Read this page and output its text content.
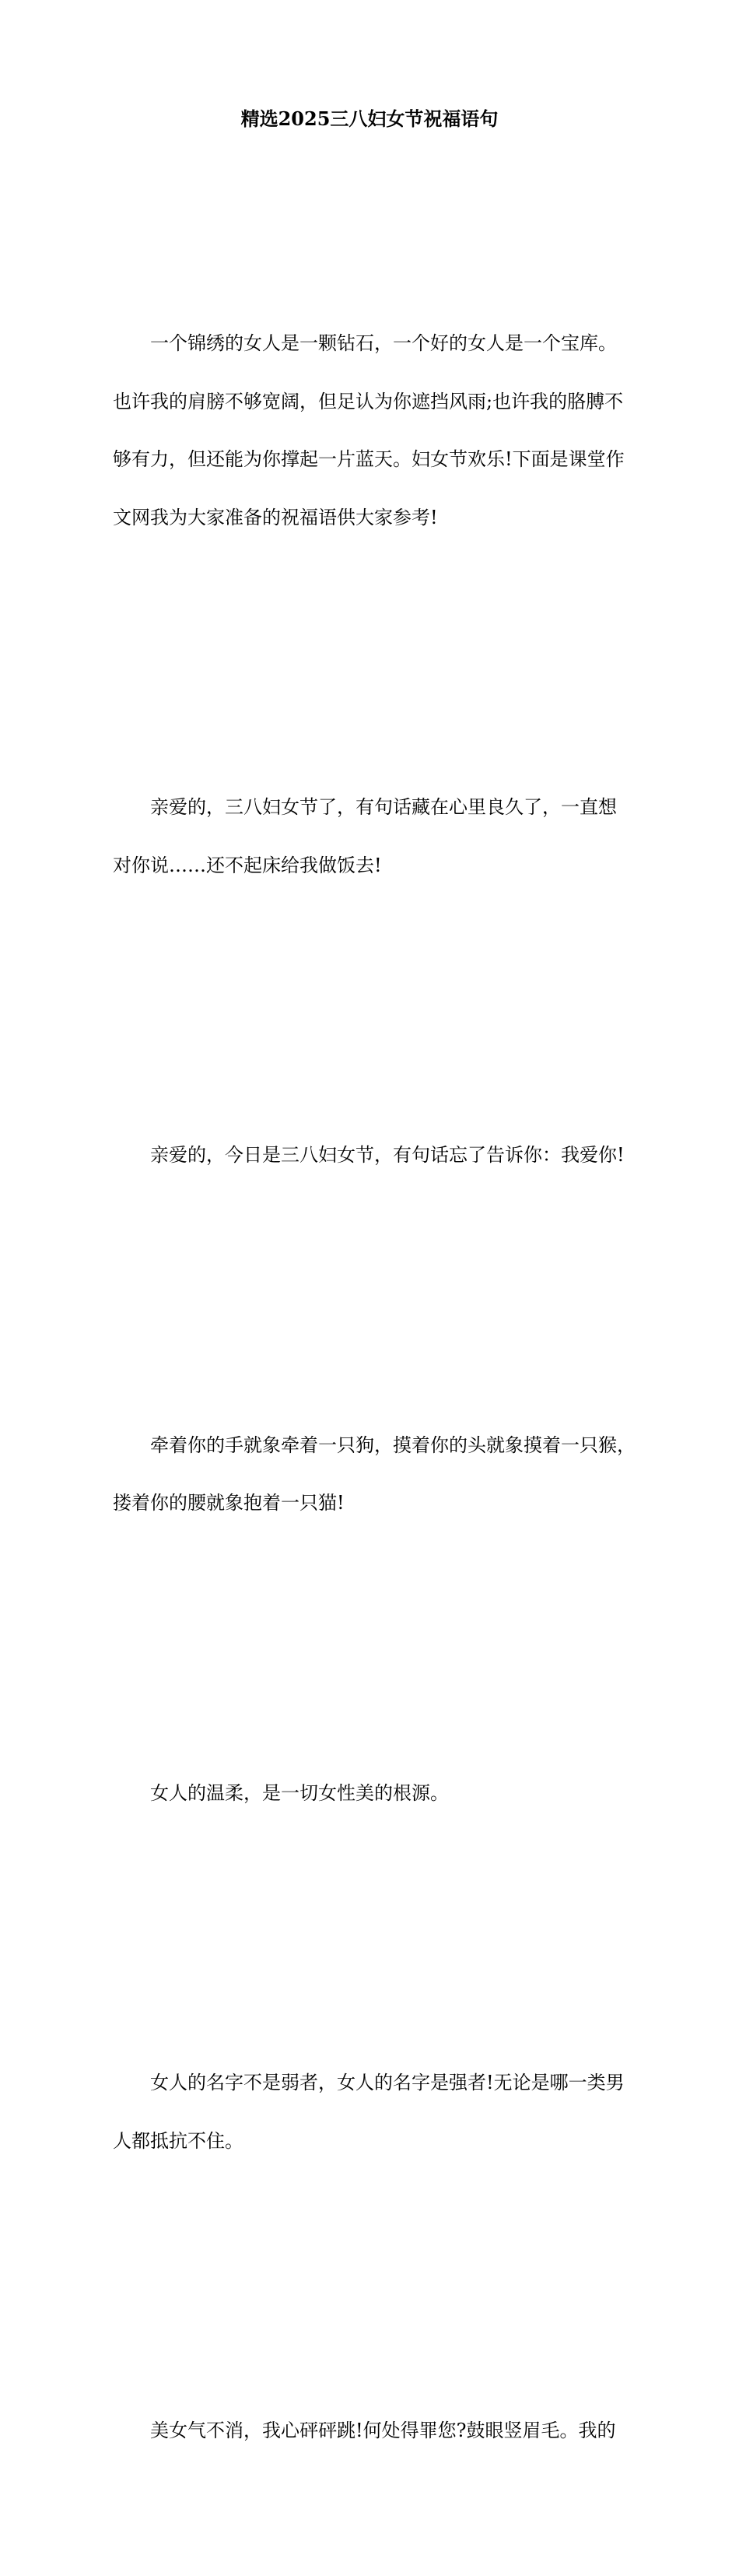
精选2025三八妇女节祝福语句

一个锦绣的女人是一颗钻石，一个好的女人是一个宝库。
也许我的肩膀不够宽阔，但足认为你遮挡风雨;也许我的胳膊不
够有力，但还能为你撑起一片蓝天。妇女节欢乐!下面是课堂作
文网我为大家准备的祝福语供大家参考!

亲爱的，三八妇女节了，有句话藏在心里良久了，一直想
对你说……还不起床给我做饭去!

亲爱的，今日是三八妇女节，有句话忘了告诉你：我爱你!

牵着你的手就象牵着一只狗，摸着你的头就象摸着一只猴，
搂着你的腰就象抱着一只猫!

女人的温柔，是一切女性美的根源。

女人的名字不是弱者，女人的名字是强者!无论是哪一类男
人都抵抗不住。

美女气不消，我心砰砰跳!何处得罪您?鼓眼竖眉毛。我的
